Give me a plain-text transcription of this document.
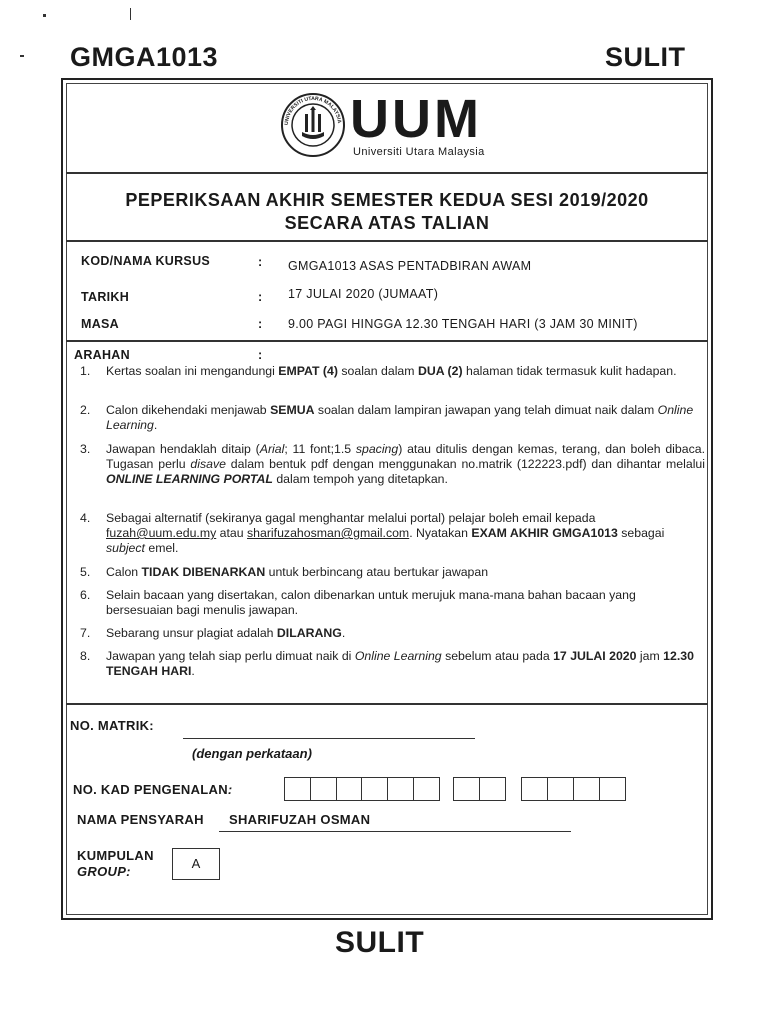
GMGA1013	SULIT
UNIVERSITI UTARA MALAYSIA UUM
Universiti Utara Malaysia
PEPERIKSAAN AKHIR SEMESTER KEDUA SESI 2019/2020
SECARA ATAS TALIAN
KOD/NAMA KURSUS	: GMGA1013 ASAS PENTADBIRAN AWAM
TARIKH	: 17 JULAI 2020 (JUMAAT)
MASA	: 9.00 PAGI HINGGA 12.30 TENGAH HARI (3 JAM 30 MINIT)
ARAHAN	:
1. Kertas soalan ini mengandungi EMPAT (4) soalan dalam DUA (2) halaman tidak termasuk kulit hadapan.
2. Calon dikehendaki menjawab SEMUA soalan dalam lampiran jawapan yang telah dimuat naik dalam Online Learning.
3. Jawapan hendaklah ditaip (Arial; 11 font;1.5 spacing) atau ditulis dengan kemas, terang, dan boleh dibaca. Tugasan perlu disave dalam bentuk pdf dengan menggunakan no.matrik (122223.pdf) dan dihantar melalui ONLINE LEARNING PORTAL dalam tempoh yang ditetapkan.
4. Sebagai alternatif (sekiranya gagal menghantar melalui portal) pelajar boleh email kepada fuzah@uum.edu.my atau sharifuzahosman@gmail.com. Nyatakan EXAM AKHIR GMGA1013 sebagai subject emel.
5. Calon TIDAK DIBENARKAN untuk berbincang atau bertukar jawapan
6. Selain bacaan yang disertakan, calon dibenarkan untuk merujuk mana-mana bahan bacaan yang bersesuaian bagi menulis jawapan.
7. Sebarang unsur plagiat adalah DILARANG.
8. Jawapan yang telah siap perlu dimuat naik di Online Learning sebelum atau pada 17 JULAI 2020 jam 12.30 TENGAH HARI.
NO. MATRIK:
(dengan perkataan)
NO. KAD PENGENALAN:
NAMA PENSYARAH SHARIFUZAH OSMAN
KUMPULAN
GROUP:
A
SULIT
